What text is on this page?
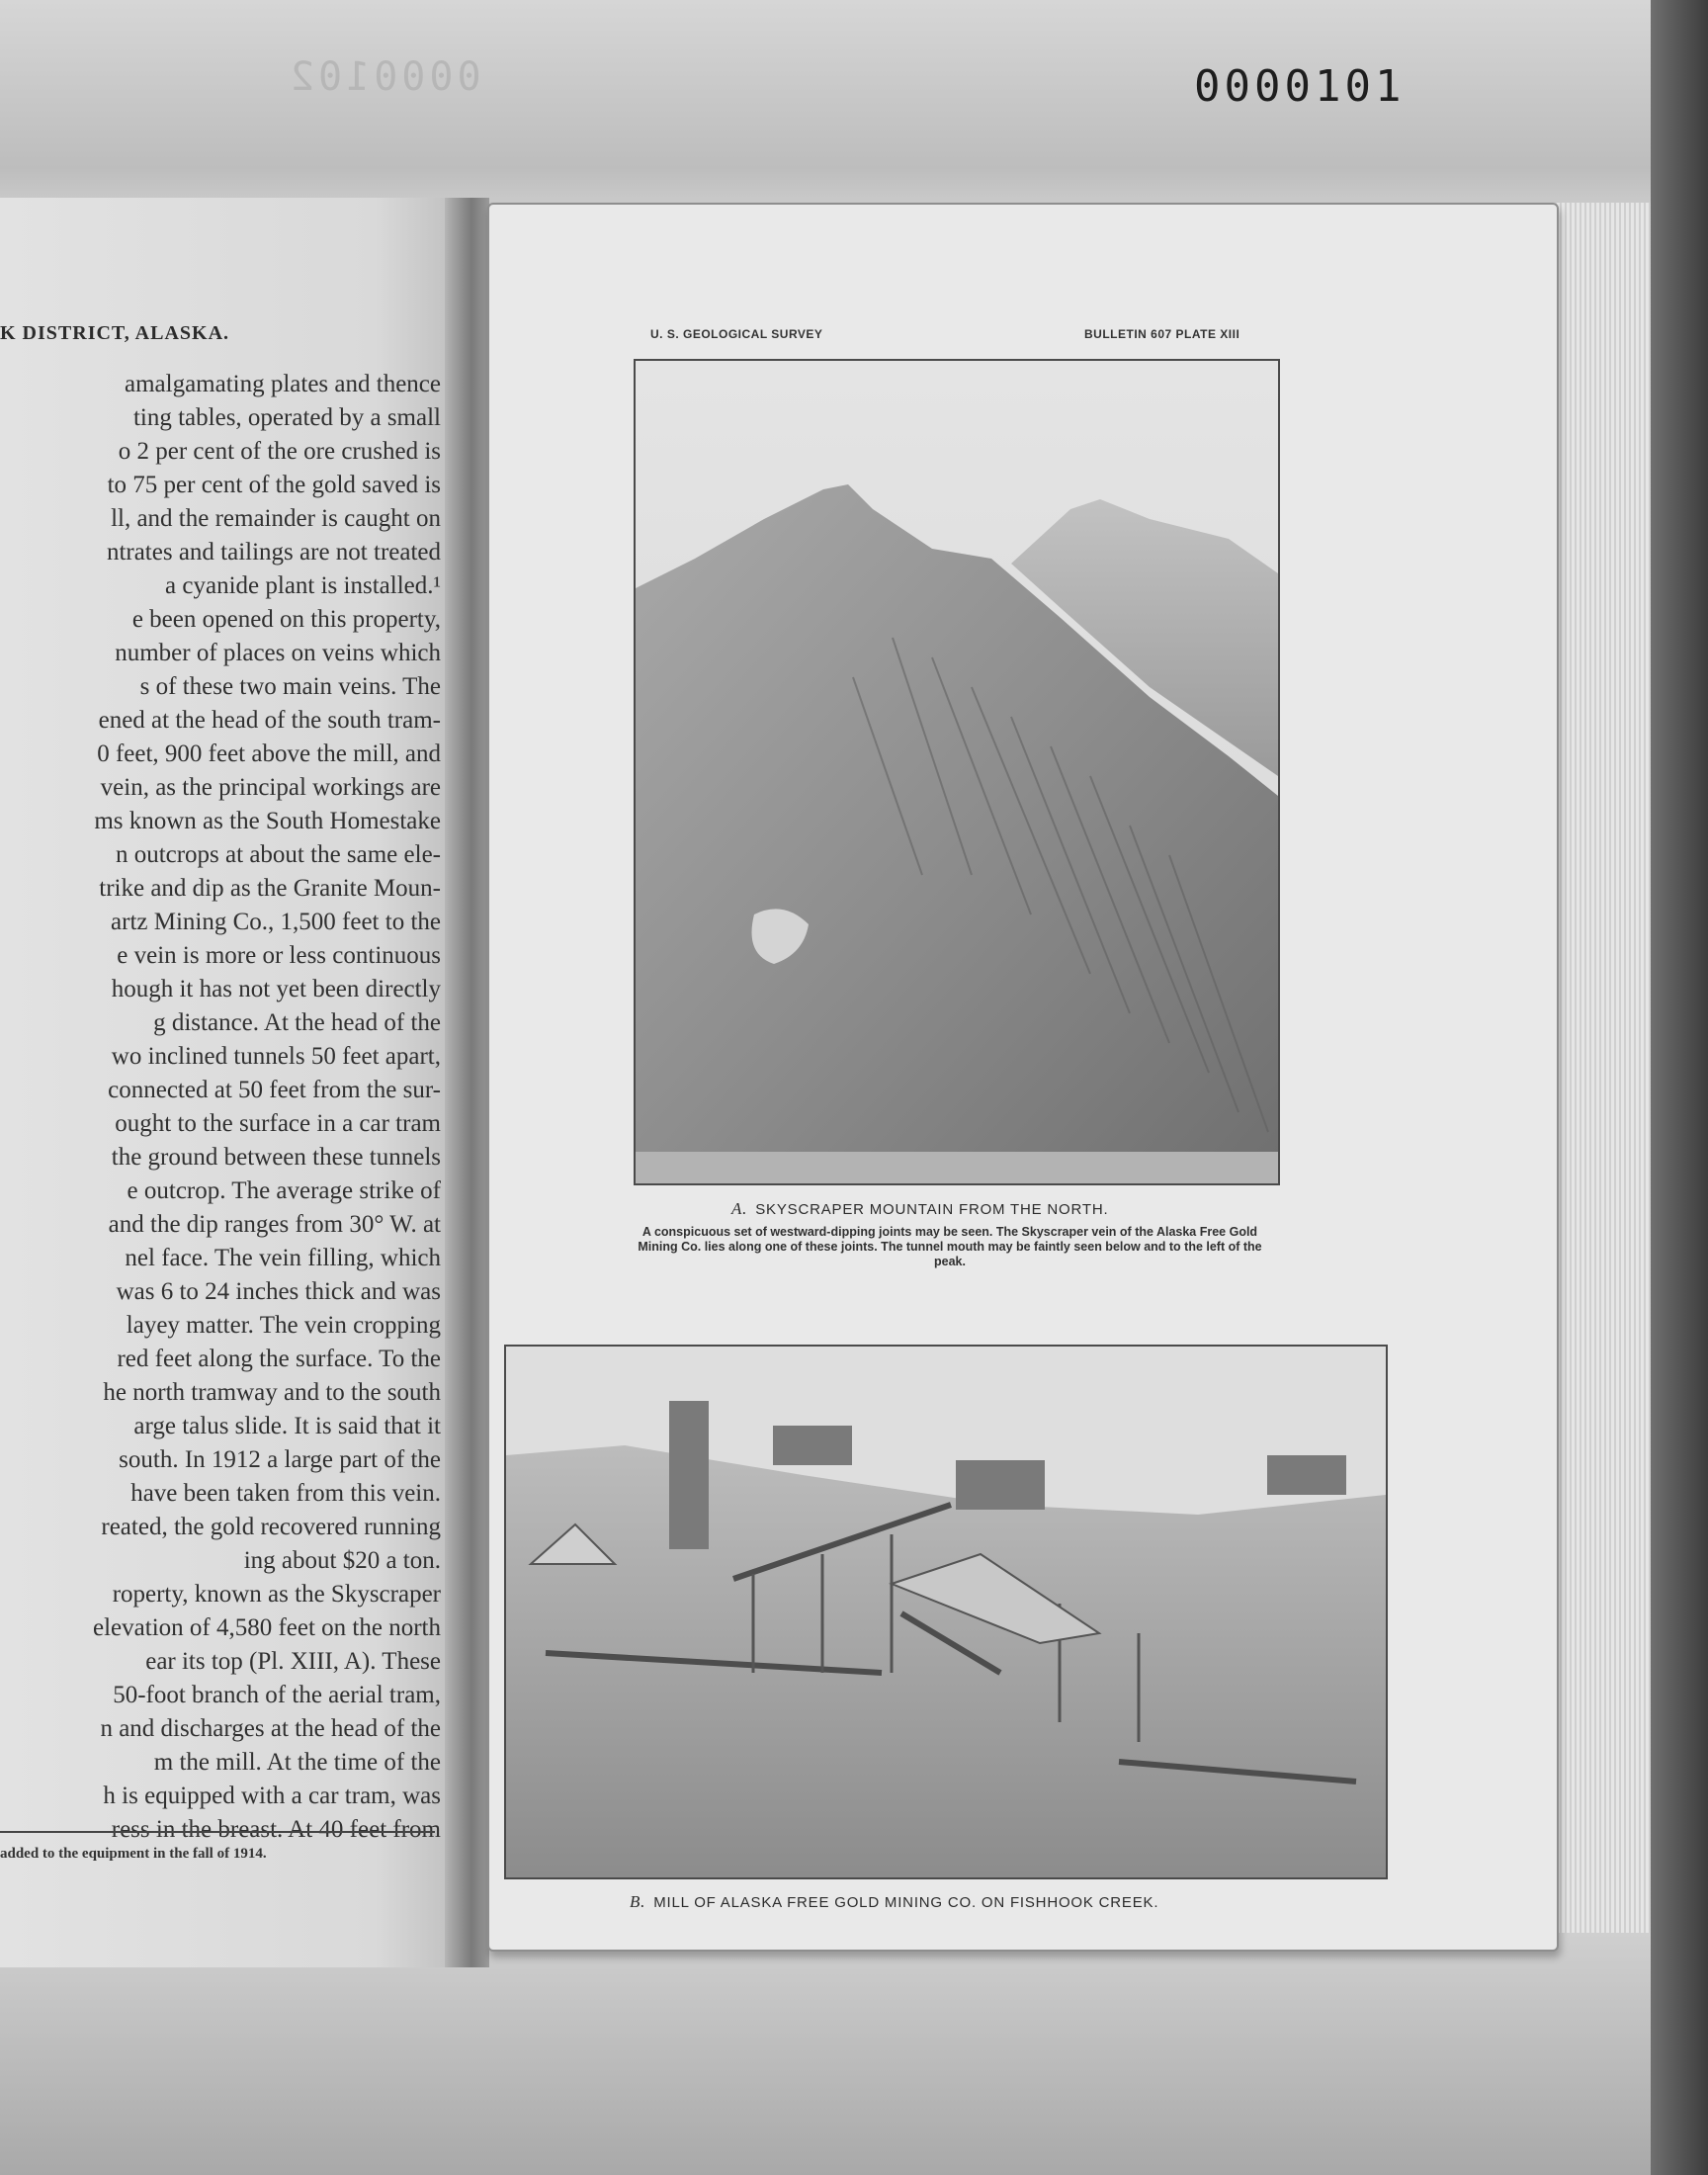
0000102	0000101
K DISTRICT, ALASKA.
amalgamating plates and thence
ting tables, operated by a small
o 2 per cent of the ore crushed is
to 75 per cent of the gold saved is
ll, and the remainder is caught on
ntrates and tailings are not treated
a cyanide plant is installed.¹
e been opened on this property,
number of places on veins which
s of these two main veins. The
ened at the head of the south tram-
0 feet, 900 feet above the mill, and
vein, as the principal workings are
ms known as the South Homestake
n outcrops at about the same ele-
trike and dip as the Granite Moun-
artz Mining Co., 1,500 feet to the
e vein is more or less continuous
hough it has not yet been directly
g distance. At the head of the
wo inclined tunnels 50 feet apart,
connected at 50 feet from the sur-
ought to the surface in a car tram
the ground between these tunnels
e outcrop. The average strike of
and the dip ranges from 30° W. at
nel face. The vein filling, which
was 6 to 24 inches thick and was
layey matter. The vein cropping
red feet along the surface. To the
he north tramway and to the south
arge talus slide. It is said that it
south. In 1912 a large part of the
have been taken from this vein.
reated, the gold recovered running
ing about $20 a ton.
roperty, known as the Skyscraper
elevation of 4,580 feet on the north
ear its top (Pl. XIII, A). These
50-foot branch of the aerial tram,
n and discharges at the head of the
m the mill. At the time of the
h is equipped with a car tram, was
ress in the breast. At 40 feet from
added to the equipment in the fall of 1914.
U. S. GEOLOGICAL SURVEY	BULLETIN 607 PLATE XIII
A. SKYSCRAPER MOUNTAIN FROM THE NORTH.
A conspicuous set of westward-dipping joints may be seen. The Skyscraper vein of the Alaska Free Gold Mining Co. lies along one of these joints. The tunnel mouth may be faintly seen below and to the left of the peak.
B. MILL OF ALASKA FREE GOLD MINING CO. ON FISHHOOK CREEK.
